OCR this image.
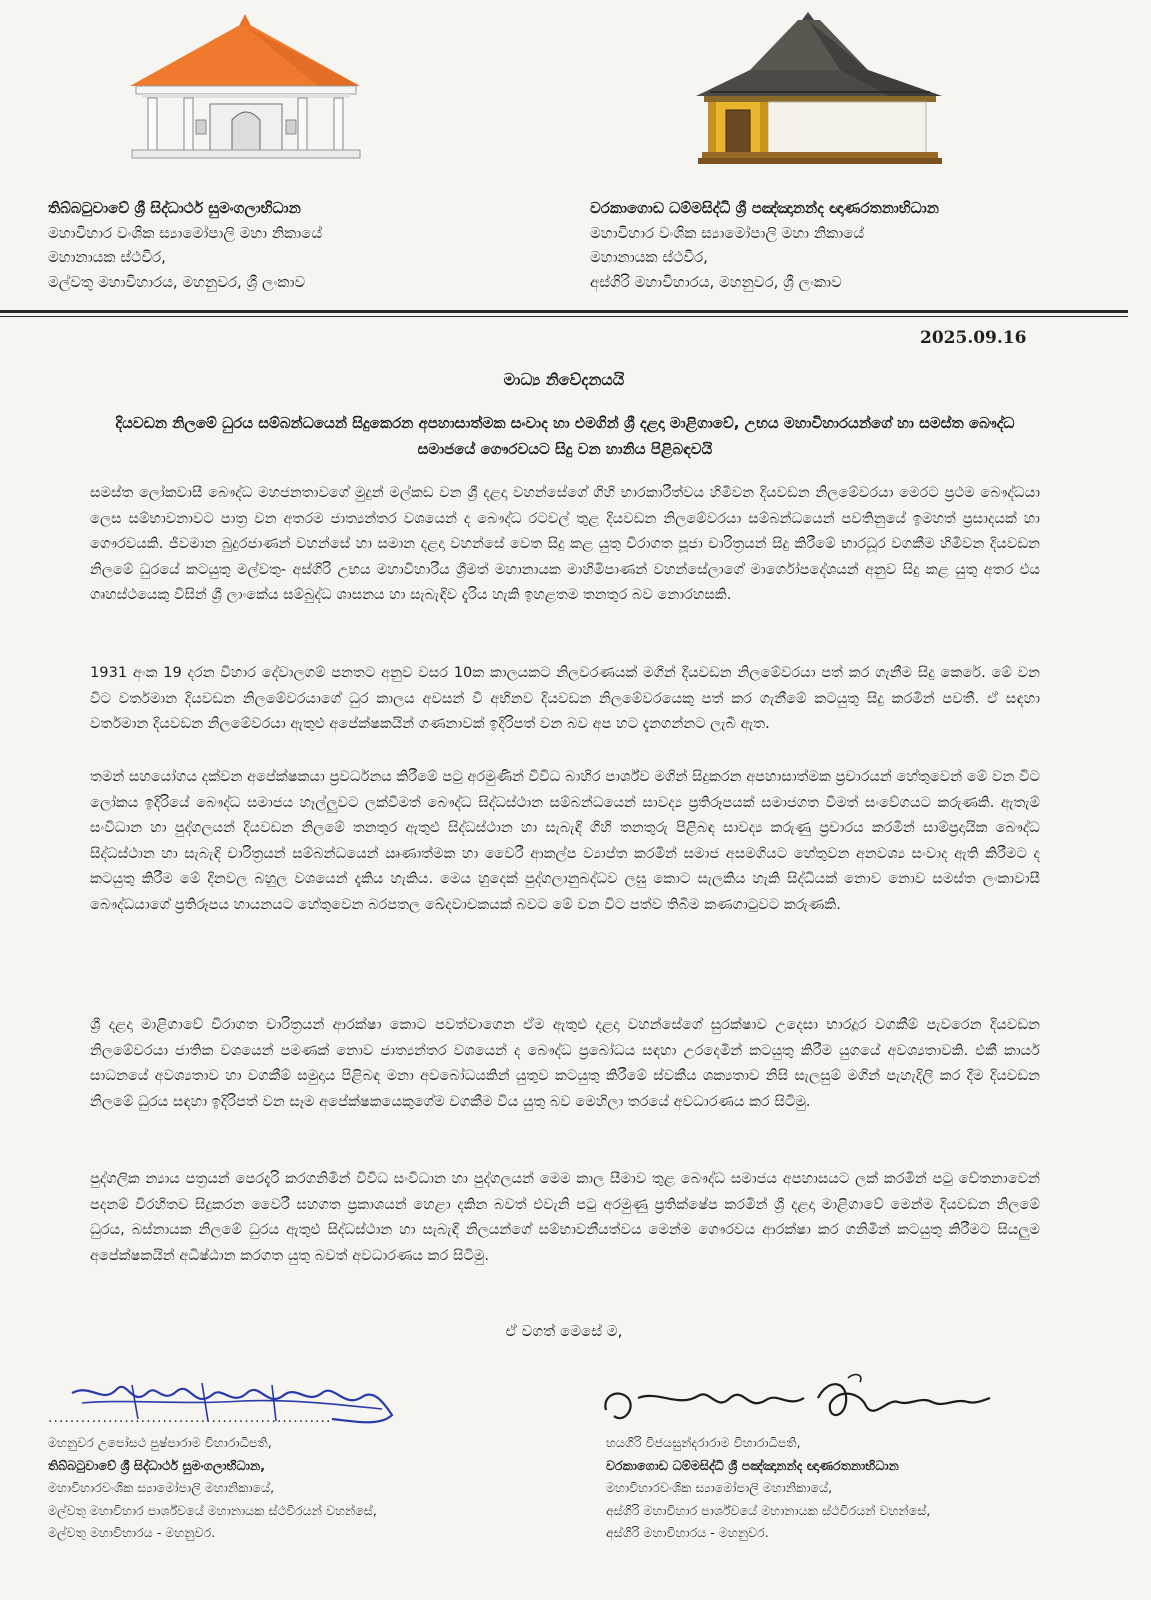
තිබ්බටුවාවේ ශ්‍රී සිද්ධාර්ථ සුමංගලාභිධාන
මහාවිහාර වංශික ස්‍යාමෝපාලි මහා නිකායේ
මහානායක ස්ථවිර,
මල්වතු මහාවිහාරය, මහනුවර, ශ්‍රී ලංකාව
වරකාගොඩ ධම්මසිද්ධි ශ්‍රී පඤ්ඤානන්ද ඥාණරතනාභිධාන
මහාවිහාර වංශික ස්‍යාමෝපාලි මහා නිකායේ
මහානායක ස්ථවිර,
අස්ගිරි මහාවිහාරය, මහනුවර, ශ්‍රී ලංකාව
2025.09.16
මාධ්‍ය නිවේදනයයි
දියවඩන නිලමේ ධුරය සම්බන්ධයෙන් සිදුකෙරන අපහාසාත්මක සංවාද හා එමගින් ශ්‍රී දළදා මාළිගාවේ, උභය මහාවිහාරයන්ගේ හා සමස්ත බෞද්ධ සමාජයේ ගෞරවයට සිදු වන හානිය පිළිබඳවයි
සමස්ත ලෝකවාසී බෞද්ධ මහජනතාවගේ මුදුන් මල්කඩ වන ශ්‍රී දළදා වහන්සේගේ ගිහි භාරකාරීත්වය හිමිවන දියවඩන නිලමේවරයා මෙරට ප්‍රථම බෞද්ධයා ලෙස සම්භාවනාවට පාත්‍ර වන අතරම ජාත්‍යන්තර වශයෙන් ද බෞද්ධ රටවල් තුළ දියවඩන නිලමේවරයා සම්බන්ධයෙන් පවතිනුයේ ඉමහත් ප්‍රසාදයක් හා ගෞරවයකි. ජීවමාන බුදුරජාණන් වහන්සේ හා සමාන දළදා වහන්සේ වෙත සිදු කළ යුතු චිරාගත පූජා චාරිත්‍රයන් සිදු කිරීමේ භාරධූර වගකීම හිමිවන දියවඩන නිලමේ ධුරයේ කටයුතු මල්වතු- අස්ගිරි උභය මහාවිහාරීය ශ්‍රීමත් මහානායක මාහිමිපාණන් වහන්සේලාගේ මාර්ගෝපදේශයන් අනුව සිදු කළ යුතු අතර එය ගෘහස්ථයෙකු විසින් ශ්‍රී ලාංකේය සම්බුද්ධ ශාසනය හා සැබැඳිව දැරිය හැකි ඉහළතම තනතුර බව නොරහසකි.
1931 අංක 19 දරන විහාර දේවාලගම් පනතට අනුව වසර 10ක කාලයකට නිලවරණයක් මගින් දියවඩන නිලමේවරයා පත් කර ගැනීම සිදු කෙරේ. මේ වන විට වර්තමාන දියවඩන නිලමේවරයාගේ ධුර කාලය අවසන් වී අභිනව දියවඩන නිලමේවරයෙකු පත් කර ගැනීමේ කටයුතු සිදු කරමින් පවතී. ඒ සඳහා වර්තමාන දියවඩන නිලමේවරයා ඇතුළු අපේක්ෂකයින් ගණනාවක් ඉදිරිපත් වන බව අප හට දැනගන්නට ලැබී ඇත.
තමන් සහයෝගය දක්වන අපේක්ෂකයා ප්‍රවර්ධනය කිරීමේ පටු අරමුණින් විවිධ බාහිර පාර්ශ්ව මගින් සිදුකරන අපහාසාත්මක ප්‍රචාරයන් හේතුවෙන් මේ වන විට ලෝකය ඉදිරියේ බෞද්ධ සමාජය හෑල්ලුවට ලක්වීමත් බෞද්ධ සිද්ධස්ථාන සම්බන්ධයෙන් සාවද්‍ය ප්‍රතිරූපයක් සමාජගත වීමත් සංවේගයට කරුණකි. ඇතැම් සංවිධාන හා පුද්ගලයන් දියවඩන නිලමේ තනතුර ඇතුළු සිද්ධස්ථාන හා සැබැඳි ගිහි තනතුරු පිළිබඳ සාවද්‍ය කරුණු ප්‍රචාරය කරමින් සාම්ප්‍රදායික බෞද්ධ සිද්ධස්ථාන හා සැබැඳි චාරිත්‍රයන් සම්බන්ධයෙන් ඍණාත්මක හා වෛරී ආකල්ප ව්‍යාප්ත කරමින් සමාජ අසමගියට හේතුවන අනවශ්‍ය සංවාද ඇති කිරීමට ද කටයුතු කිරීම මේ දිනවල බහුල වශයෙන් දැකිය හැකිය. මෙය හුදෙක් පුද්ගලානුබද්ධව ලඝු කොට සැලකිය හැකි සිද්ධියක් නොව නොව සමස්ත ලංකාවාසී බෞද්ධයාගේ ප්‍රතිරූපය හායනයට හේතුවෙන බරපතල ඛේදවාචකයක් බවට මේ වන විට පත්ව තිබීම කණගාටුවට කරුණකි.
ශ්‍රී දළදා මාළිගාවේ චිරාගත චාරිත්‍රයන් ආරක්ෂා කොට පවත්වාගෙන ඒම ඇතුළු දළදා වහන්සේගේ සුරක්ෂාව උදෙසා භාරදූර වගකීම් පැවරෙන දියවඩන නිලමේවරයා ජාතික වශයෙන් පමණක් නොව ජාත්‍යන්තර වශයෙන් ද බෞද්ධ ප්‍රබෝධය සඳහා උරදෙමින් කටයුතු කිරීම යුගයේ අවශ්‍යතාවකි. එකී කාර්ය සාධනයේ අවශ්‍යතාව හා වගකීම් සමුදාය පිළිබඳ මනා අවබෝධයකින් යුතුව කටයුතු කිරීමේ ස්වකීය ශක්‍යතාව නිසි සැලසුම් මගින් පැහැදිලි කර දීම දියවඩන නිලමේ ධුරය සඳහා ඉදිරිපත් වන සෑම අපේක්ෂකයෙකුගේම වගකීම විය යුතු බව මෙහිලා තරයේ අවධාරණය කර සිටිමු.
පුද්ගලික න්‍යාය පත්‍රයන් පෙරදැරි කරගනිමින් විවිධ සංවිධාන හා පුද්ගලයන් මෙම කාල සීමාව තුළ බෞද්ධ සමාජය අපහාසයට ලක් කරමින් පටු චේතනාවෙන් පදනම් විරහිතව සිදුකරන වෛරී සහගත ප්‍රකාශයන් හෙළා දකින බවත් එවැනි පටු අරමුණු ප්‍රතික්ෂේප කරමින් ශ්‍රී දළදා මාළිගාවේ මෙන්ම දියවඩන නිලමේ ධුරය, බස්නායක නිලමේ ධුරය ඇතුළු සිද්ධස්ථාන හා සැබැඳි නිලයන්ගේ සම්භාවනීයත්වය මෙන්ම ගෞරවය ආරක්ෂා කර ගනිමින් කටයුතු කිරීමට සියලුම අපේක්ෂකයින් අධිෂ්ඨාන කරගත යුතු බවත් අවධාරණය කර සිටිමු.
ඒ වගත් මෙසේ ම,
....................................................
මහනුවර උපෝසථ පුෂ්පාරාම විහාරාධිපති,
තිබ්බටුවාවේ ශ්‍රී සිද්ධාර්ථ සුමංගලාභිධාන,
මහාවිහාරවංශික ස්‍යාමෝපාලි මහානිකායේ,
මල්වතු මහාවිහාර පාර්ශ්වයේ මහානායක ස්ථවිරයන් වහන්සේ,
මල්වතු මහාවිහාරය - මහනුවර.
හයගිරි විජයසුන්දරාරාම විහාරාධිපති,
වරකාගොඩ ධම්මසිද්ධි ශ්‍රී පඤ්ඤානන්ද ඥාණරතනාභිධාන
මහාවිහාරවංශික ස්‍යාමෝපාලි මහානිකායේ,
අස්ගිරි මහාවිහාර පාර්ශ්වයේ මහානායක ස්ථවිරයන් වහන්සේ,
අස්ගිරි මහාවිහාරය - මහනුවර.
